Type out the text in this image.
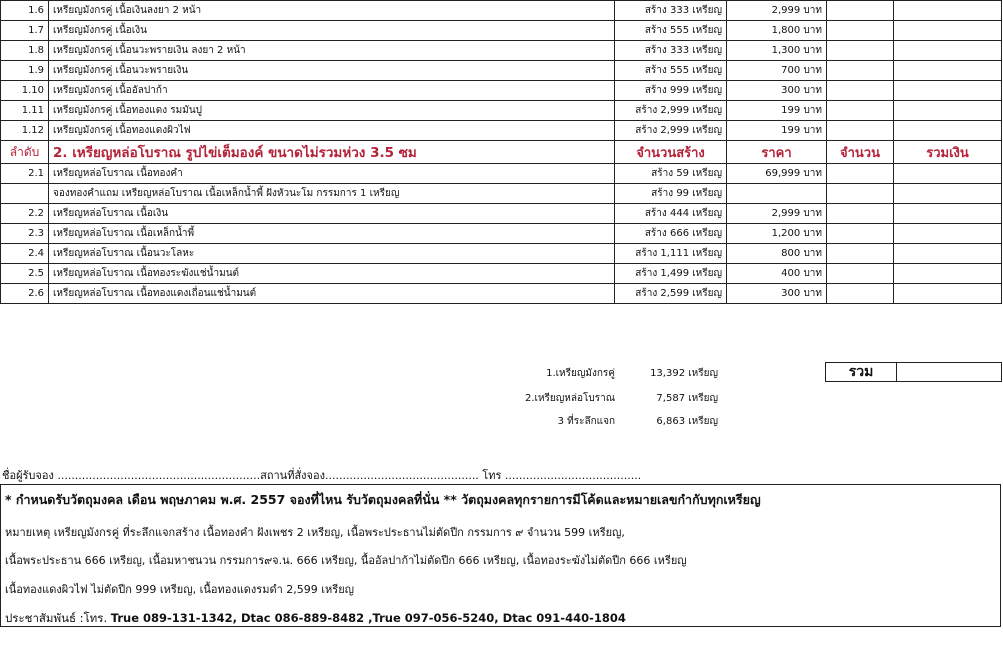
1.6	เหรียญมังกรคู่ เนื้อเงินลงยา 2 หน้า	สร้าง 333 เหรียญ	2,999 บาท		
1.7	เหรียญมังกรคู่ เนื้อเงิน	สร้าง 555 เหรียญ	1,800 บาท		
1.8	เหรียญมังกรคู่ เนื้อนวะพรายเงิน ลงยา 2 หน้า	สร้าง 333 เหรียญ	1,300 บาท		
1.9	เหรียญมังกรคู่ เนื้อนวะพรายเงิน	สร้าง 555 เหรียญ	700 บาท		
1.10	เหรียญมังกรคู่ เนื้ออัลปาก้า	สร้าง 999 เหรียญ	300 บาท		
1.11	เหรียญมังกรคู่ เนื้อทองแดง รมมันปู	สร้าง 2,999 เหรียญ	199 บาท		
1.12	เหรียญมังกรคู่ เนื้อทองแดงผิวไฟ	สร้าง 2,999 เหรียญ	199 บาท		
ลำดับ	2. เหรียญหล่อโบราณ รูปไข่เต็มองค์ ขนาดไม่รวมห่วง 3.5 ซม	จำนวนสร้าง	ราคา	จำนวน	รวมเงิน
2.1	เหรียญหล่อโบราณ เนื้อทองคำ	สร้าง 59 เหรียญ	69,999 บาท		
	จองทองคำแถม เหรียญหล่อโบราณ เนื้อเหล็กน้ำพี้ ฝังหัวนะโม กรรมการ 1 เหรียญ	สร้าง 99 เหรียญ			
2.2	เหรียญหล่อโบราณ เนื้อเงิน	สร้าง 444 เหรียญ	2,999 บาท		
2.3	เหรียญหล่อโบราณ เนื้อเหล็กน้ำพี้	สร้าง 666 เหรียญ	1,200 บาท		
2.4	เหรียญหล่อโบราณ เนื้อนวะโลหะ	สร้าง 1,111 เหรียญ	800 บาท		
2.5	เหรียญหล่อโบราณ เนื้อทองระฆังแช่น้ำมนต์	สร้าง 1,499 เหรียญ	400 บาท		
2.6	เหรียญหล่อโบราณ เนื้อทองแดงเถื่อนแช่น้ำมนต์	สร้าง 2,599 เหรียญ	300 บาท		
1.เหรียญมังกรคู่	13,392 เหรียญ
2.เหรียญหล่อโบราณ	7,587 เหรียญ
3 ที่ระลึกแจก	6,863 เหรียญ
รวม
ชื่อผู้รับจอง ..........................................................สถานที่สั่งจอง............................................ โทร .......................................
* กำหนดรับวัตถุมงคล เดือน พฤษภาคม พ.ศ. 2557 จองที่ไหน รับวัตถุมงคลที่นั่น ** วัตถุมงคลทุกรายการมีโค้ดและหมายเลขกำกับทุกเหรียญ
หมายเหตุ เหรียญมังกรคู่ ที่ระลึกแจกสร้าง เนื้อทองคำ ฝังเพชร 2 เหรียญ, เนื้อพระประธานไม่ตัดปีก กรรมการ ๙ จำนวน 599 เหรียญ,
เนื้อพระประธาน 666 เหรียญ, เนื้อมหาชนวน กรรมการ๙จ.น. 666 เหรียญ, นื้ออัลปาก้าไม่ตัดปีก 666 เหรียญ, เนื้อทองระฆังไม่ตัดปีก 666 เหรียญ
เนื้อทองแดงผิวไฟ ไม่ตัดปีก 999 เหรียญ, เนื้อทองแดงรมดำ 2,599 เหรียญ
ประชาสัมพันธ์ :โทร. True 089-131-1342, Dtac 086-889-8482 ,True 097-056-5240, Dtac 091-440-1804
